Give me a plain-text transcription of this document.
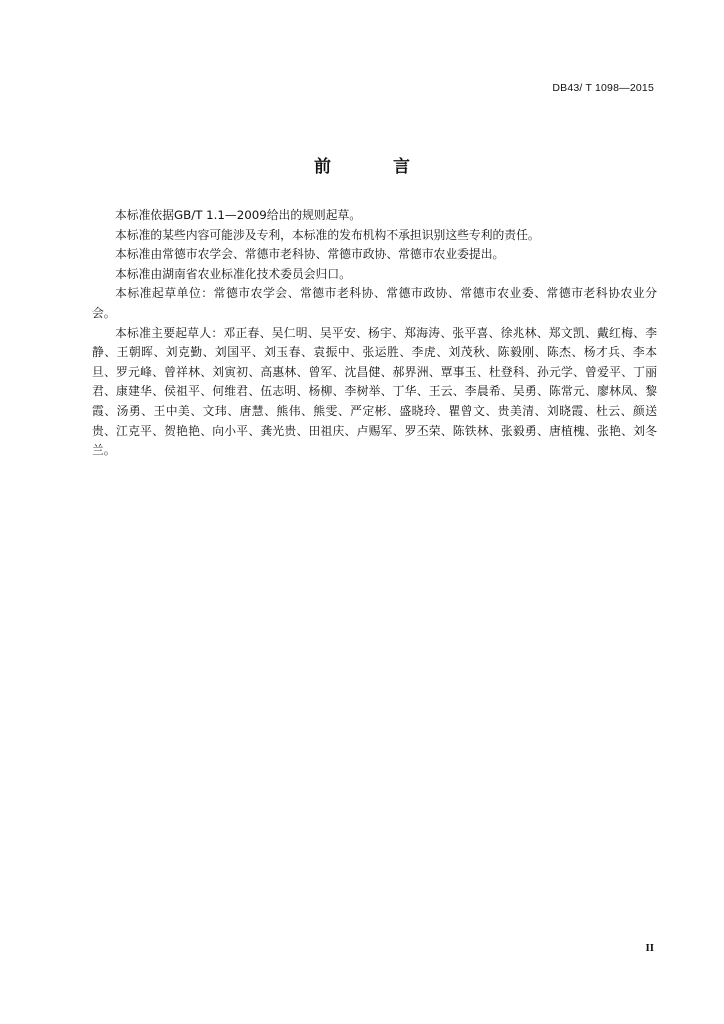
DB43/ T 1098—2015
前 言

本标准依据GB/T 1.1—2009给出的规则起草。

本标准的某些内容可能涉及专利，本标准的发布机构不承担识别这些专利的责任。

本标准由常德市农学会、常德市老科协、常德市政协、常德市农业委提出。

本标准由湖南省农业标准化技术委员会归口。

本标准起草单位：常德市农学会、常德市老科协、常德市政协、常德市农业委、常德市老科协农业分会。

本标准主要起草人：邓正春、吴仁明、吴平安、杨宇、郑海涛、张平喜、徐兆林、郑文凯、戴红梅、李静、王朝晖、刘克勤、刘国平、刘玉春、袁振中、张运胜、李虎、刘茂秋、陈毅刚、陈杰、杨才兵、李本旦、罗元峰、曾祥林、刘寅初、高惠林、曾军、沈昌健、郝界洲、覃事玉、杜登科、孙元学、曾爱平、丁丽君、康建华、侯祖平、何维君、伍志明、杨柳、李树举、丁华、王云、李晨希、吴勇、陈常元、廖林凤、黎霞、汤勇、王中美、文玮、唐慧、熊伟、熊雯、严定彬、盛晓玲、瞿曾文、贵美清、刘晓霞、杜云、颜送贵、江克平、贺艳艳、向小平、龚光贵、田祖庆、卢赐军、罗丕荣、陈铁林、张毅勇、唐植槐、张艳、刘冬兰。

II
